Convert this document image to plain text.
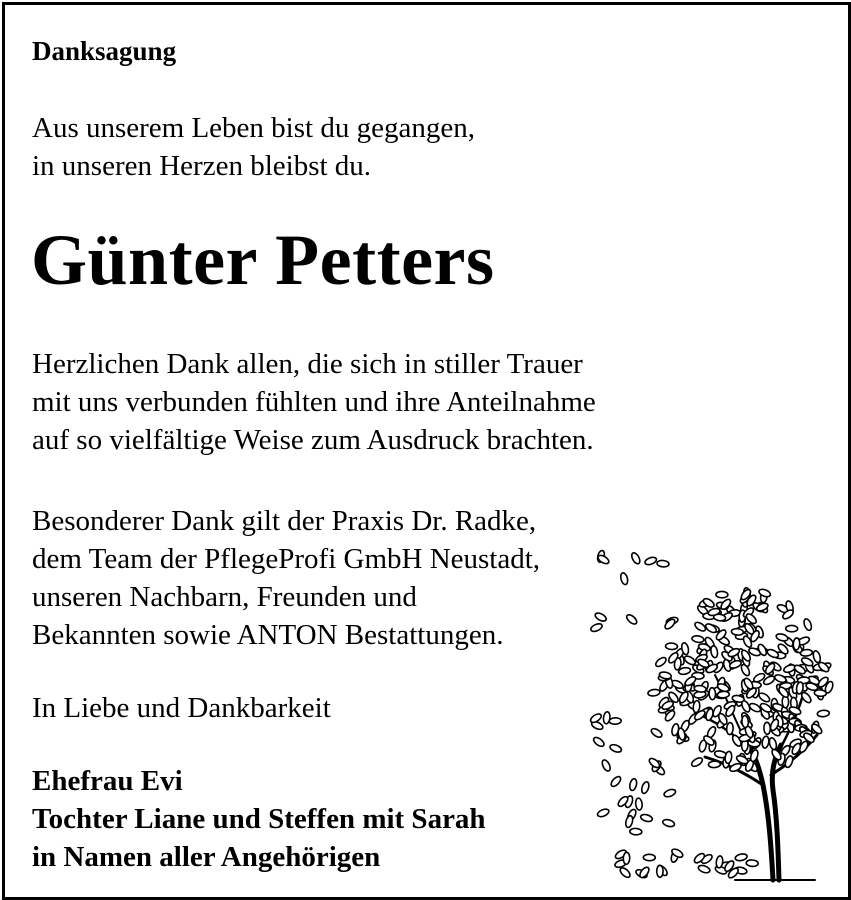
Danksagung
Aus unserem Leben bist du gegangen,
in unseren Herzen bleibst du.
Günter Petters
Herzlichen Dank allen, die sich in stiller Trauer
mit uns verbunden fühlten und ihre Anteilnahme
auf so vielfältige Weise zum Ausdruck brachten.
Besonderer Dank gilt der Praxis Dr. Radke,
dem Team der PflegeProfi GmbH Neustadt,
unseren Nachbarn, Freunden und
Bekannten sowie ANTON Bestattungen.
In Liebe und Dankbarkeit
Ehefrau Evi
Tochter Liane und Steffen mit Sarah
in Namen aller Angehörigen
